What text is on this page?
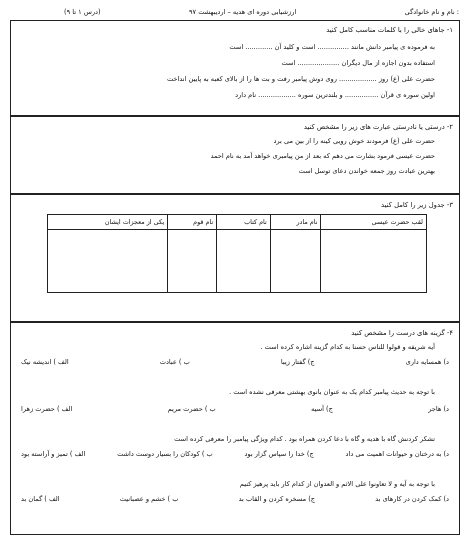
نام و نام خانوادگی :
ارزشیابی دوره ای هدیه – اردیبهشت ۹۷
(درس ۱ تا ۹)
۱- جاهای خالی را با کلمات مناسب کامل کنید
به فرموده ی پیامبر دانش مانند ............... است و کلید آن ............. است
استفاده بدون اجازه از مال دیگران .................... است
حضرت علی (ع) روز .................. روی دوش پیامبر رفت و بت ها را از بالای کعبه به پایین انداخت
اولین سوره ی قرآن ................ و بلندترین سوره .................. نام دارد
۲- درستی یا نادرستی عبارت های زیر را مشخص کنید
حضرت علی (ع) فرمودند خوش رویی کینه را از بین می برد
حضرت عیسی فرمود بشارت می دهم که بعد از من پیامبری خواهد آمد به نام احمد
بهترین عبادت روز جمعه خواندن دعای توسل است
۳- جدول زیر را کامل کنید
لقب حضرت عیسی	نام مادر	نام کتاب	نام قوم	یکی از معجزات ایشان

۴- گزینه های درست را مشخص کنید
آیه شریفه و قولوا للناس حسنا به کدام گزینه اشاره کرده است .
الف ) اندیشه نیک	ب ) عبادت	ج) گفتار زیبا	د) همسایه داری
با توجه به حدیث پیامبر کدام یک به عنوان بانوی بهشتی معرفی نشده است .
الف ) حضرت زهرا	ب ) حضرت مریم	ج) آسیه	د) هاجر
تشکر کردنش گاه با هدیه و گاه با دعا کردن همراه بود . کدام ویژگی پیامبر را معرفی کرده است
الف ) تمیز و آراسته بود	ب ) کودکان را بسیار دوست داشت	ج) خدا را سپاس گزار بود	د) به درختان و حیوانات اهمیت می داد
با توجه به آیه و لا تعاونوا علی الاثم و العدوان از کدام کار باید پرهیز کنیم
الف ) گمان بد	ب ) خشم و عصبانیت	ج) مسخره کردن و القاب بد	د) کمک کردن در کارهای بد
